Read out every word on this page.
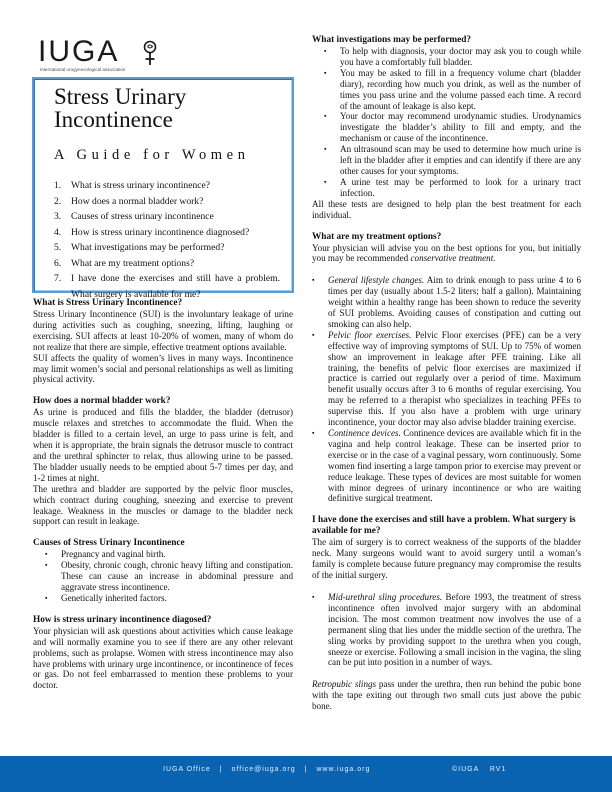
IUGA
international urogynecological association
Stress Urinary
Incontinence
A Guide for Women
1.	What is stress urinary incontinence?
2.	How does a normal bladder work?
3.	Causes of stress urinary incontinence
4.	How is stress urinary incontinence diagnosed?
5.	What investigations may be performed?
6.	What are my treatment options?
7.	I have done the exercises and still have a problem. What surgery is available for me?
What is Stress Urinary Incontinence?

Stress Urinary Incontinence (SUI) is the involuntary leakage of urine during activities such as coughing, sneezing, lifting, laughing or exercising. SUI affects at least 10-20% of women, many of whom do not realize that there are simple, effective treatment options available.

SUI affects the quality of women’s lives in many ways. Incontinence may limit women’s social and personal relationships as well as limiting physical activity.

How does a normal bladder work?

As urine is produced and fills the bladder, the bladder (detrusor) muscle relaxes and stretches to accommodate the fluid. When the bladder is filled to a certain level, an urge to pass urine is felt, and when it is appropriate, the brain signals the detrusor muscle to contract and the urethral sphincter to relax, thus allowing urine to be passed. The bladder usually needs to be emptied about 5-7 times per day, and 1-2 times at night.

The urethra and bladder are supported by the pelvic floor muscles, which contract during coughing, sneezing and exercise to prevent leakage. Weakness in the muscles or damage to the bladder neck support can result in leakage.

Causes of Stress Urinary Incontinence
▪ Pregnancy and vaginal birth.
▪ Obesity, chronic cough, chronic heavy lifting and constipation. These can cause an increase in abdominal pressure and aggravate stress incontinence.
▪ Genetically inherited factors.
How is stress urinary incontinence diagosed?

Your physician will ask questions about activities which cause leakage and will normally examine you to see if there are any other relevant problems, such as prolapse. Women with stress incontinence may also have problems with urinary urge incontinence, or incontinence of feces or gas. Do not feel embarrassed to mention these problems to your doctor.

What investigations may be performed?
▪ To help with diagnosis, your doctor may ask you to cough while you have a comfortably full bladder.
▪ You may be asked to fill in a frequency volume chart (bladder diary), recording how much you drink, as well as the number of times you pass urine and the volume passed each time. A record of the amount of leakage is also kept.
▪ Your doctor may recommend urodynamic studies. Urodynamics investigate the bladder’s ability to fill and empty, and the mechanism or cause of the incontinence.
▪ An ultrasound scan may be used to determine how much urine is left in the bladder after it empties and can identify if there are any other causes for your symptoms.
▪ A urine test may be performed to look for a urinary tract infection.

All these tests are designed to help plan the best treatment for each individual.

What are my treatment options?

Your physician will advise you on the best options for you, but initially you may be recommended conservative treatment.

▪ General lifestyle changes. Aim to drink enough to pass urine 4 to 6 times per day (usually about 1.5-2 liters; half a gallon). Maintaining weight within a healthy range has been shown to reduce the severity of SUI problems. Avoiding causes of constipation and cutting out smoking can also help.
▪ Pelvic floor exercises. Pelvic Floor exercises (PFE) can be a very effective way of improving symptoms of SUI. Up to 75% of women show an improvement in leakage after PFE training. Like all training, the benefits of pelvic floor exercises are maximized if practice is carried out regularly over a period of time. Maximum benefit usually occurs after 3 to 6 months of regular exercising. You may be referred to a therapist who specializes in teaching PFEs to supervise this. If you also have a problem with urge urinary incontinence, your doctor may also advise bladder training exercise.
▪ Continence devices. Continence devices are available which fit in the vagina and help control leakage. These can be inserted prior to exercise or in the case of a vaginal pessary, worn continuously. Some women find inserting a large tampon prior to exercise may prevent or reduce leakage. These types of devices are most suitable for women with minor degrees of urinary incontinence or who are waiting definitive surgical treatment.
I have done the exercises and still have a problem. What surgery is available for me?

The aim of surgery is to correct weakness of the supports of the bladder neck. Many surgeons would want to avoid surgery until a woman’s family is complete because future pregnancy may compromise the results of the initial surgery.

▪ Mid-urethral sling procedures. Before 1993, the treatment of stress incontinence often involved major surgery with an abdominal incision. The most common treatment now involves the use of a permanent sling that lies under the middle section of the urethra. The sling works by providing support to the urethra when you cough, sneeze or exercise. Following a small incision in the vagina, the sling can be put into position in a number of ways.

Retropubic slings pass under the urethra, then run behind the pubic bone with the tape exiting out through two small cuts just above the pubic bone.

IUGA Office | office@iuga.org | www.iuga.org	©IUGA RV1
